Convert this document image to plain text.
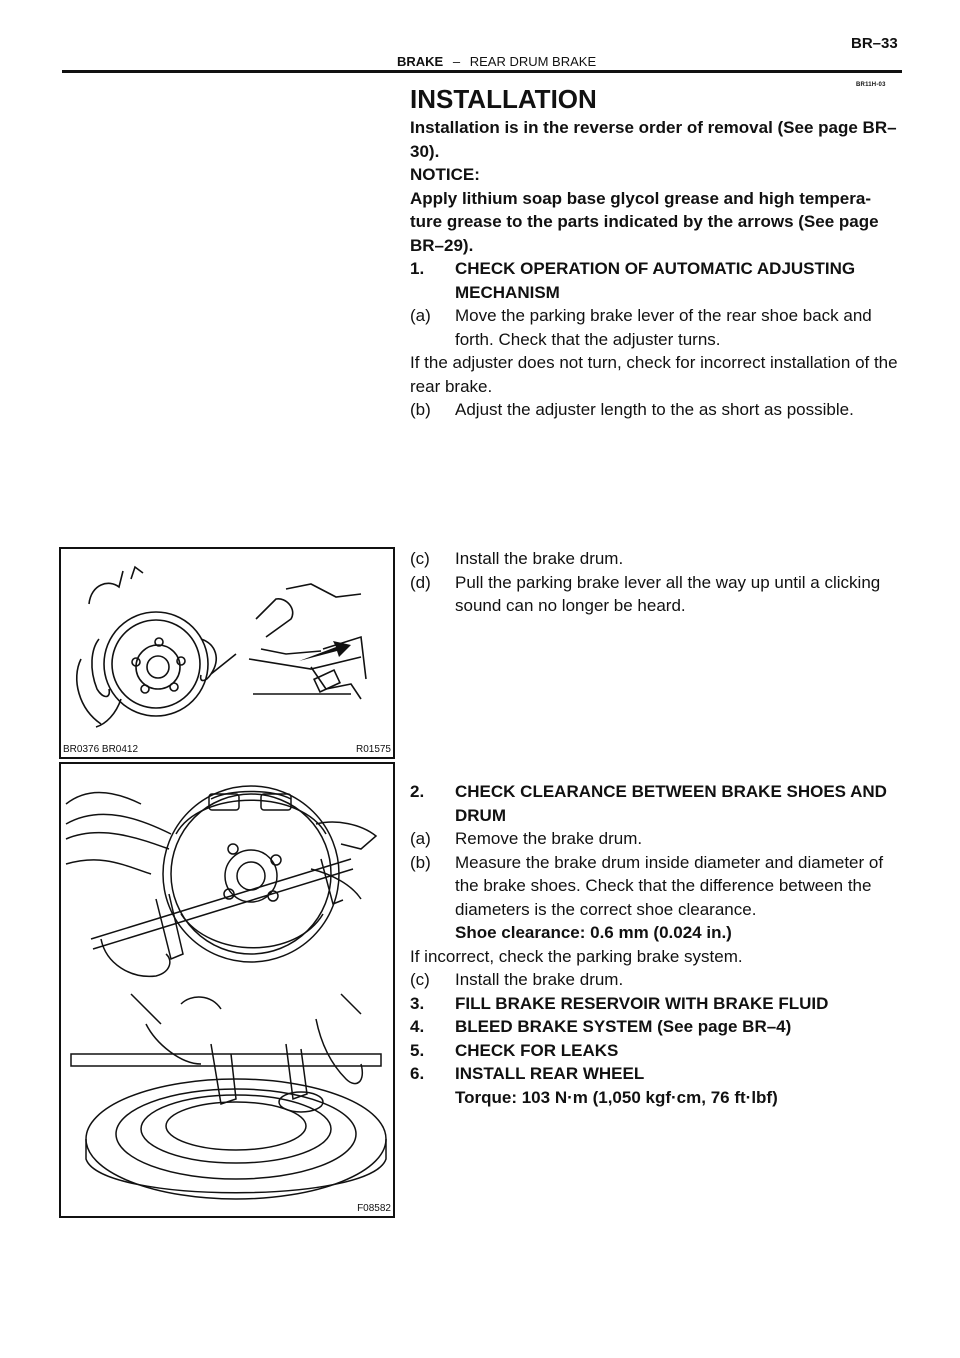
BR–33
BRAKE – REAR DRUM BRAKE
BR11H-03
INSTALLATION

Installation is in the reverse order of removal (See page BR–30).

NOTICE:

Apply lithium soap base glycol grease and high tempera- ture grease to the parts indicated by the arrows (See page BR–29).

1.	CHECK OPERATION OF AUTOMATIC ADJUSTING MECHANISM

(a)	Move the parking brake lever of the rear shoe back and forth. Check that the adjuster turns.

If the adjuster does not turn, check for incorrect installation of the rear brake.

(b)	Adjust the adjuster length to the as short as possible.

(c)	Install the brake drum.

(d)	Pull the parking brake lever all the way up until a clicking sound can no longer be heard.

2.	CHECK CLEARANCE BETWEEN BRAKE SHOES AND DRUM

(a)	Remove the brake drum.

(b)	Measure the brake drum inside diameter and diameter of the brake shoes. Check that the difference between the diameters is the correct shoe clearance.

Shoe clearance: 0.6 mm (0.024 in.)

If incorrect, check the parking brake system.

(c)	Install the brake drum.

3.	FILL BRAKE RESERVOIR WITH BRAKE FLUID

4.	BLEED BRAKE SYSTEM (See page BR–4)

5.	CHECK FOR LEAKS

6.	INSTALL REAR WHEEL

Torque: 103 N·m (1,050 kgf·cm, 76 ft·lbf)

BR0376 BR0412	R01575
F08582
